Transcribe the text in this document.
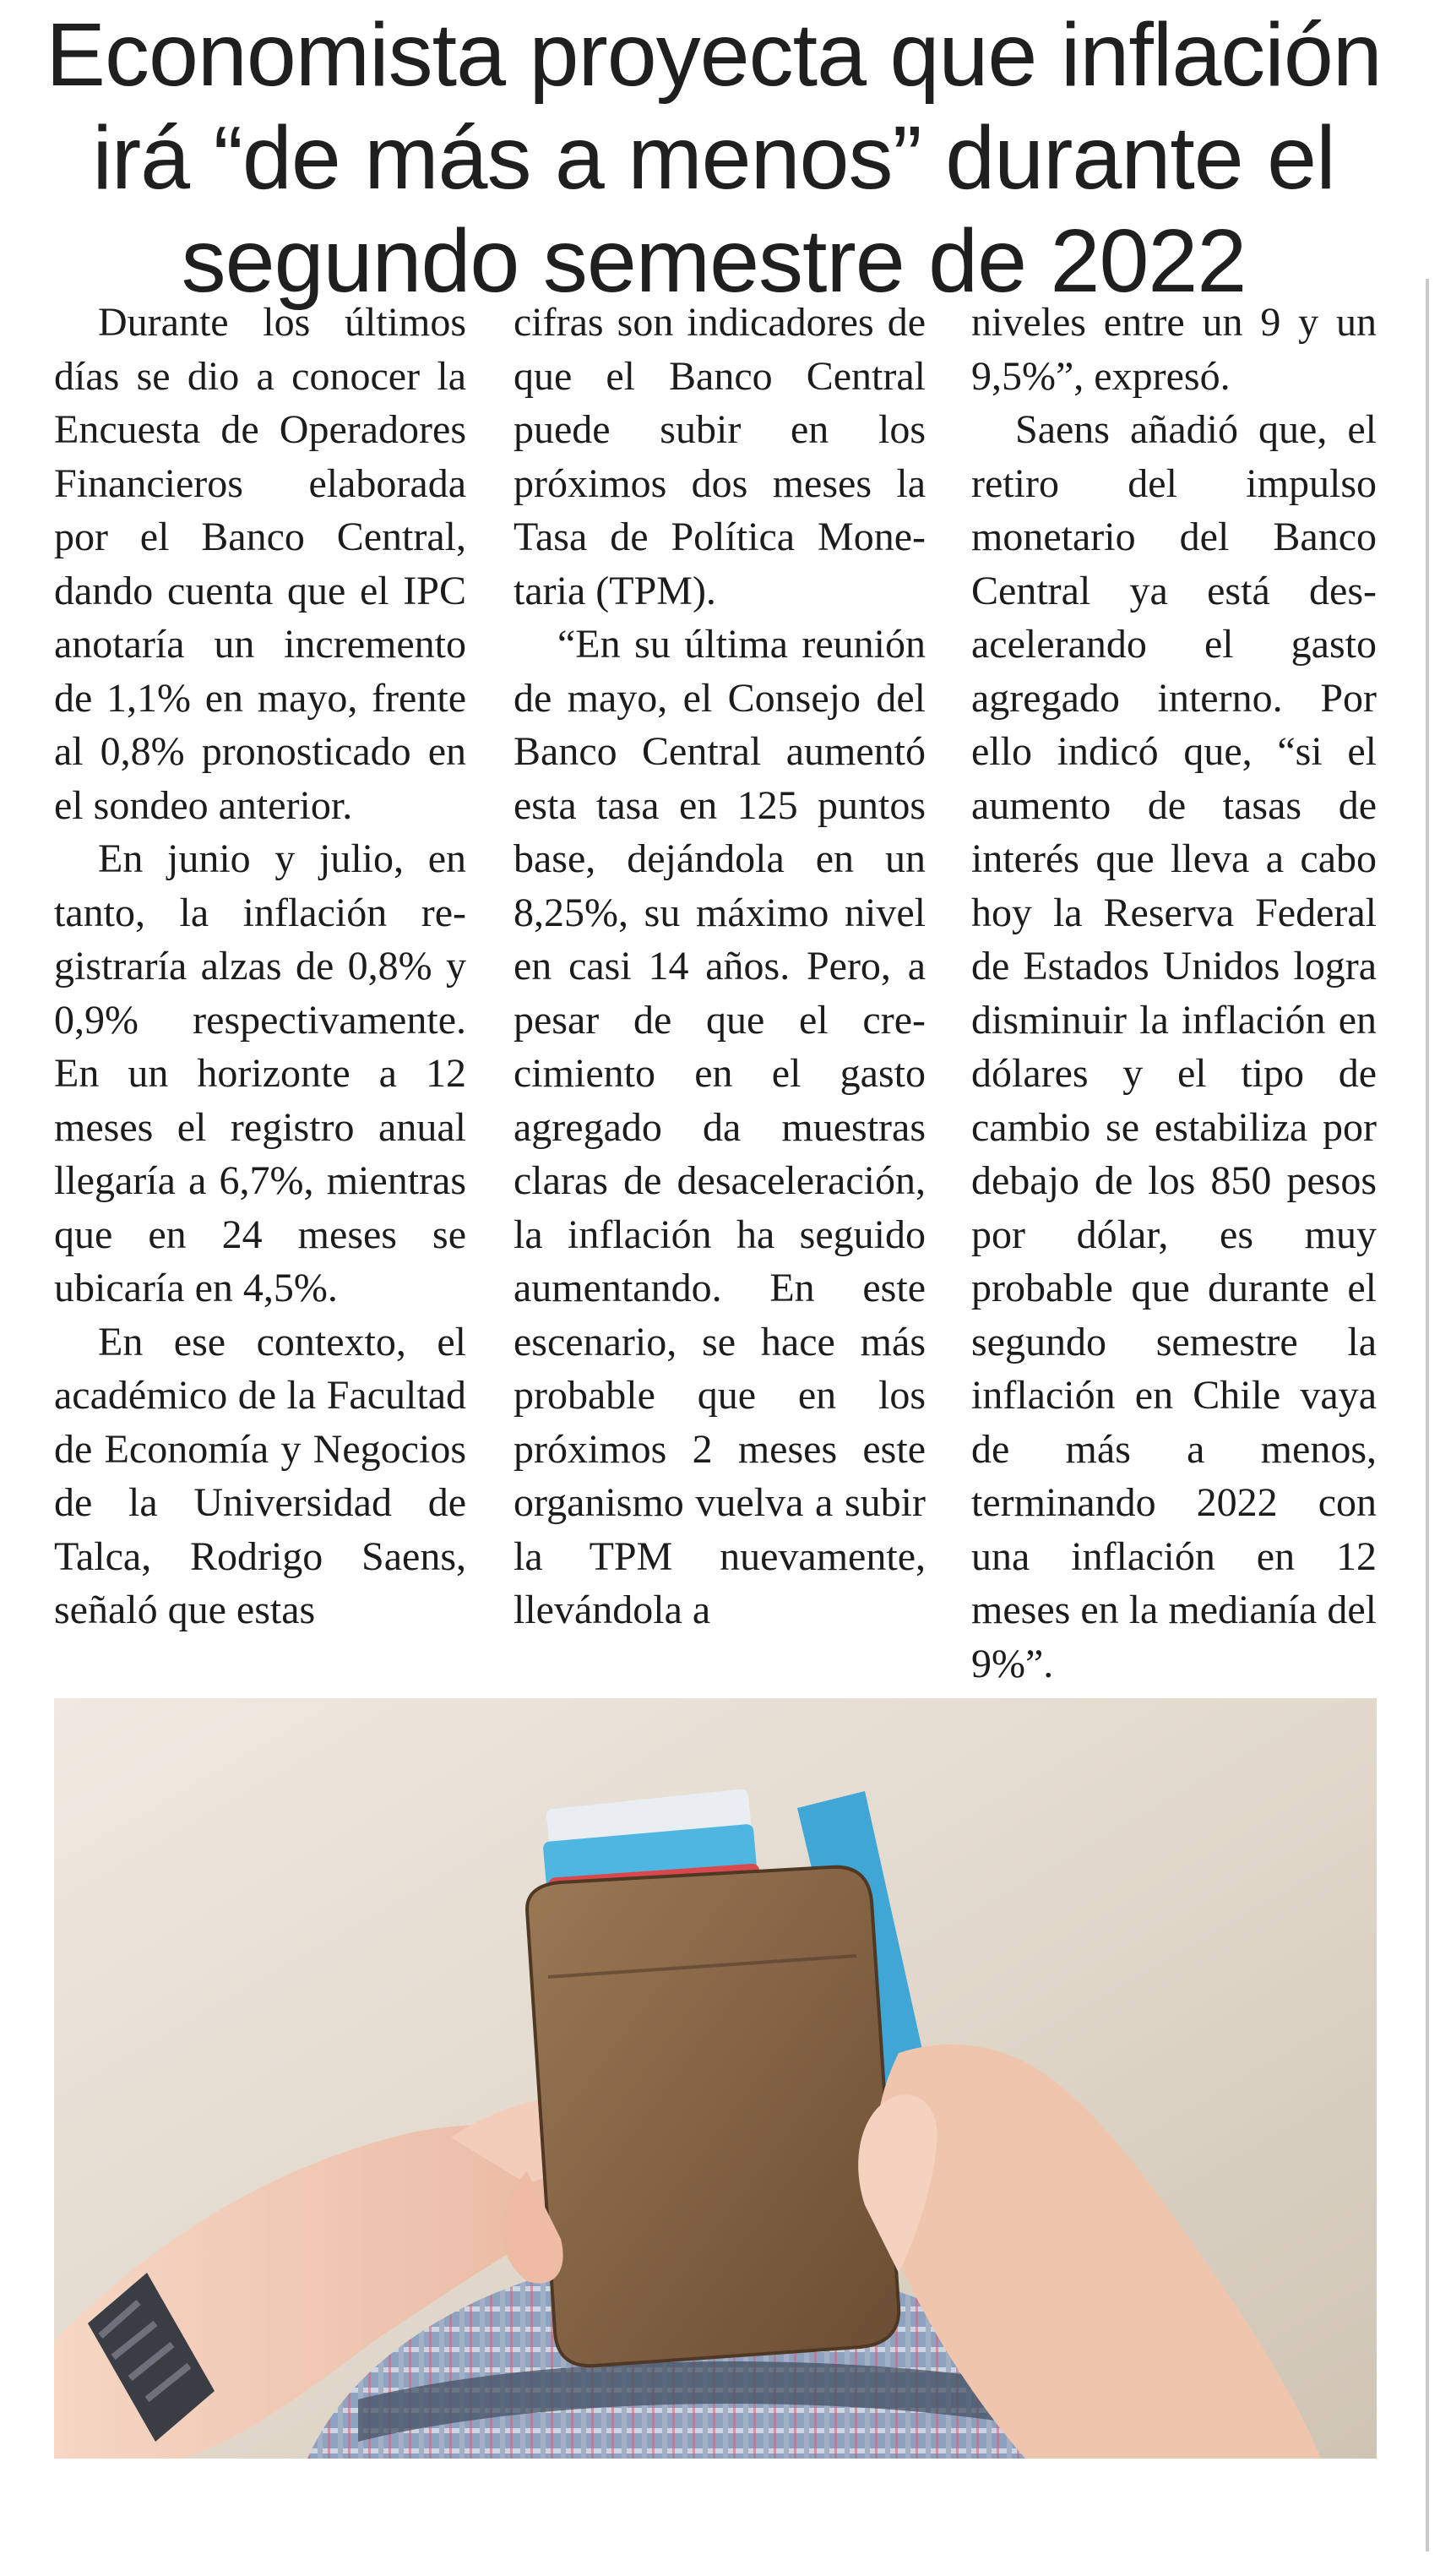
Economista proyecta que inflación irá “de más a menos” durante el segundo semestre de 2022

Durante los últimos días se dio a conocer la Encuesta de Operadores Financieros elaborada por el Banco Central, dando cuenta que el IPC anotaría un incremento de 1,1% en mayo, frente al 0,8% pronosticado en el sondeo anterior.

En junio y julio, en tanto, la inflación registraría alzas de 0,8% y 0,9% respectivamente. En un horizonte a 12 meses el registro anual llegaría a 6,7%, mientras que en 24 meses se ubicaría en 4,5%.

En ese contexto, el académico de la Facultad de Economía y Negocios de la Universidad de Talca, Rodrigo Saens, señaló que estas

cifras son indicadores de que el Banco Central puede subir en los próximos dos meses la Tasa de Política Monetaria (TPM).

“En su última reunión de mayo, el Consejo del Banco Central aumentó esta tasa en 125 puntos base, dejándola en un 8,25%, su máximo nivel en casi 14 años. Pero, a pesar de que el crecimiento en el gasto agregado da muestras claras de desaceleración, la inflación ha seguido aumentando. En este escenario, se hace más probable que en los próximos 2 meses este organismo vuelva a subir la TPM nuevamente, llevándola a

niveles entre un 9 y un 9,5%”, expresó.

Saens añadió que, el retiro del impulso monetario del Banco Central ya está desacelerando el gasto agregado interno. Por ello indicó que, “si el aumento de tasas de interés que lleva a cabo hoy la Reserva Federal de Estados Unidos logra disminuir la inflación en dólares y el tipo de cambio se estabiliza por debajo de los 850 pesos por dólar, es muy probable que durante el segundo semestre la inflación en Chile vaya de más a menos, terminando 2022 con una inflación en 12 meses en la medianía del 9%”.
